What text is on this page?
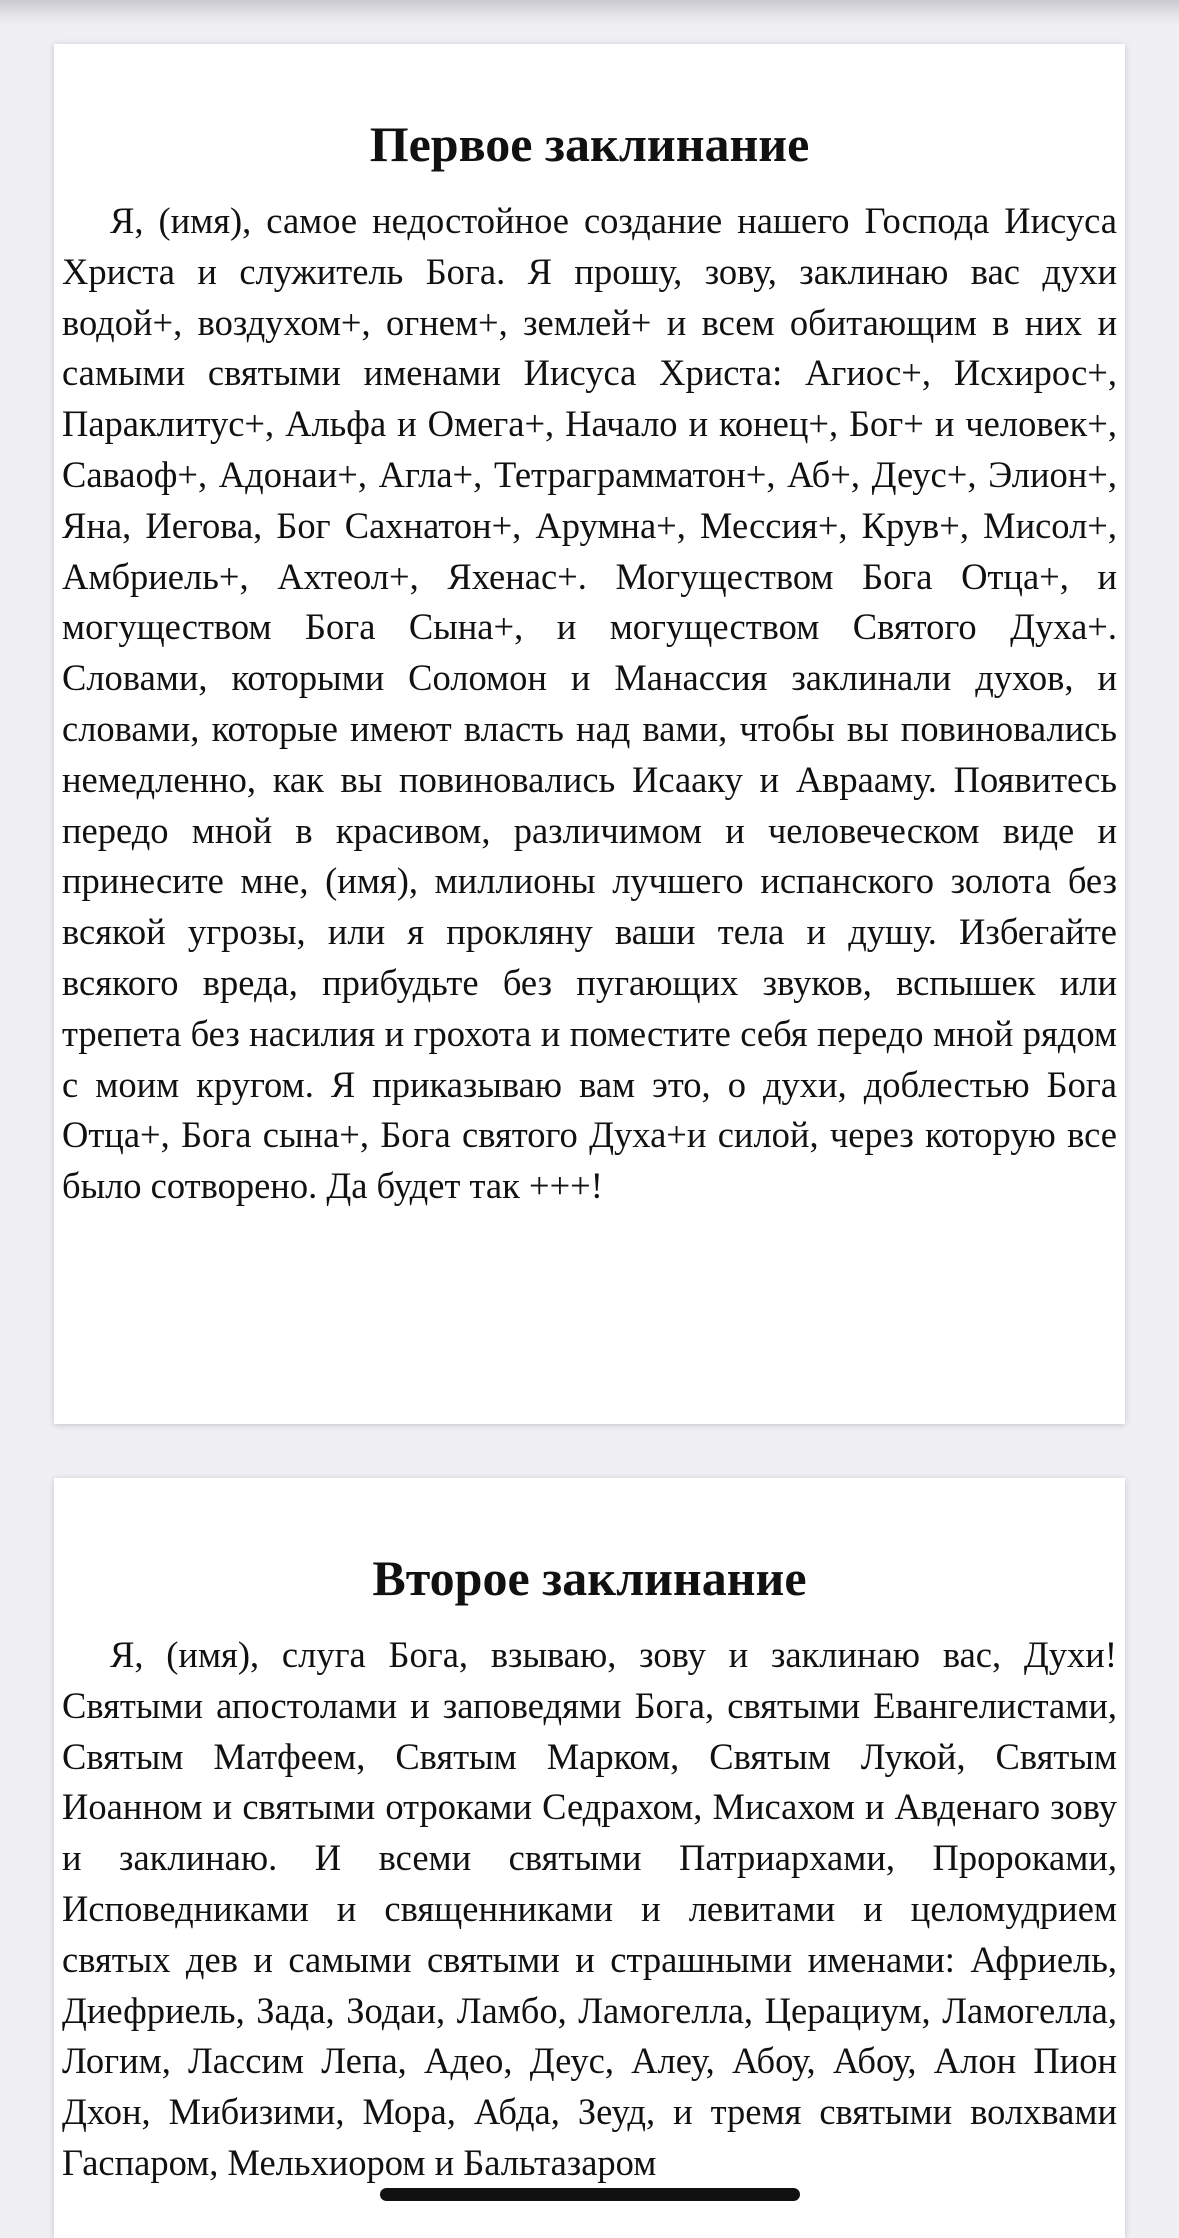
Первое заклинание

Я, (имя), самое недостойное создание нашего Господа Иисуса Христа и служитель Бога. Я прошу, зову, заклинаю вас духи водой+, воздухом+, огнем+, землей+ и всем обитающим в них и самыми святыми именами Иисуса Христа: Агиос+, Исхирос+, Параклитус+, Альфа и Омега+, Начало и конец+, Бог+ и человек+, Саваоф+, Адонаи+, Агла+, Тетраграмматон+, Аб+, Деус+, Элион+, Яна, Иегова, Бог Сахнатон+, Арумна+, Мессия+, Крув+, Мисол+, Амбриель+, Ахтеол+, Яхенас+. Могуществом Бога Отца+, и могуществом Бога Сына+, и могуществом Святого Духа+. Словами, которыми Соломон и Манассия заклинали духов, и словами, которые имеют власть над вами, чтобы вы повиновались немедленно, как вы повиновались Исааку и Аврааму. Появитесь передо мной в красивом, различимом и человеческом виде и принесите мне, (имя), миллионы лучшего испанского золота без всякой угрозы, или я прокляну ваши тела и душу. Избегайте всякого вреда, прибудьте без пугающих звуков, вспышек или трепета без насилия и грохота и поместите себя передо мной рядом с моим кругом. Я приказываю вам это, о духи, доблестью Бога Отца+, Бога сына+, Бога святого Духа+и силой, через которую все было сотворено. Да будет так +++!

Второе заклинание

Я, (имя), слуга Бога, взываю, зову и заклинаю вас, Духи! Святыми апостолами и заповедями Бога, святыми Евангелистами, Святым Матфеем, Святым Марком, Святым Лукой, Святым Иоанном и святыми отроками Седрахом, Мисахом и Авденаго зову и заклинаю. И всеми святыми Патриархами, Пророками, Исповедниками и священниками и левитами и целомудрием святых дев и самыми святыми и страшными именами: Африель, Диефриель, Зада, Зодаи, Ламбо, Ламогелла, Церациум, Ламогелла, Логим, Лассим Лепа, Адео, Деус, Алеу, Абоу, Абоу, Алон Пион Дхон, Мибизими, Мора, Абда, Зеуд, и тремя святыми волхвами Гаспаром, Мельхиором и Бальтазаром
